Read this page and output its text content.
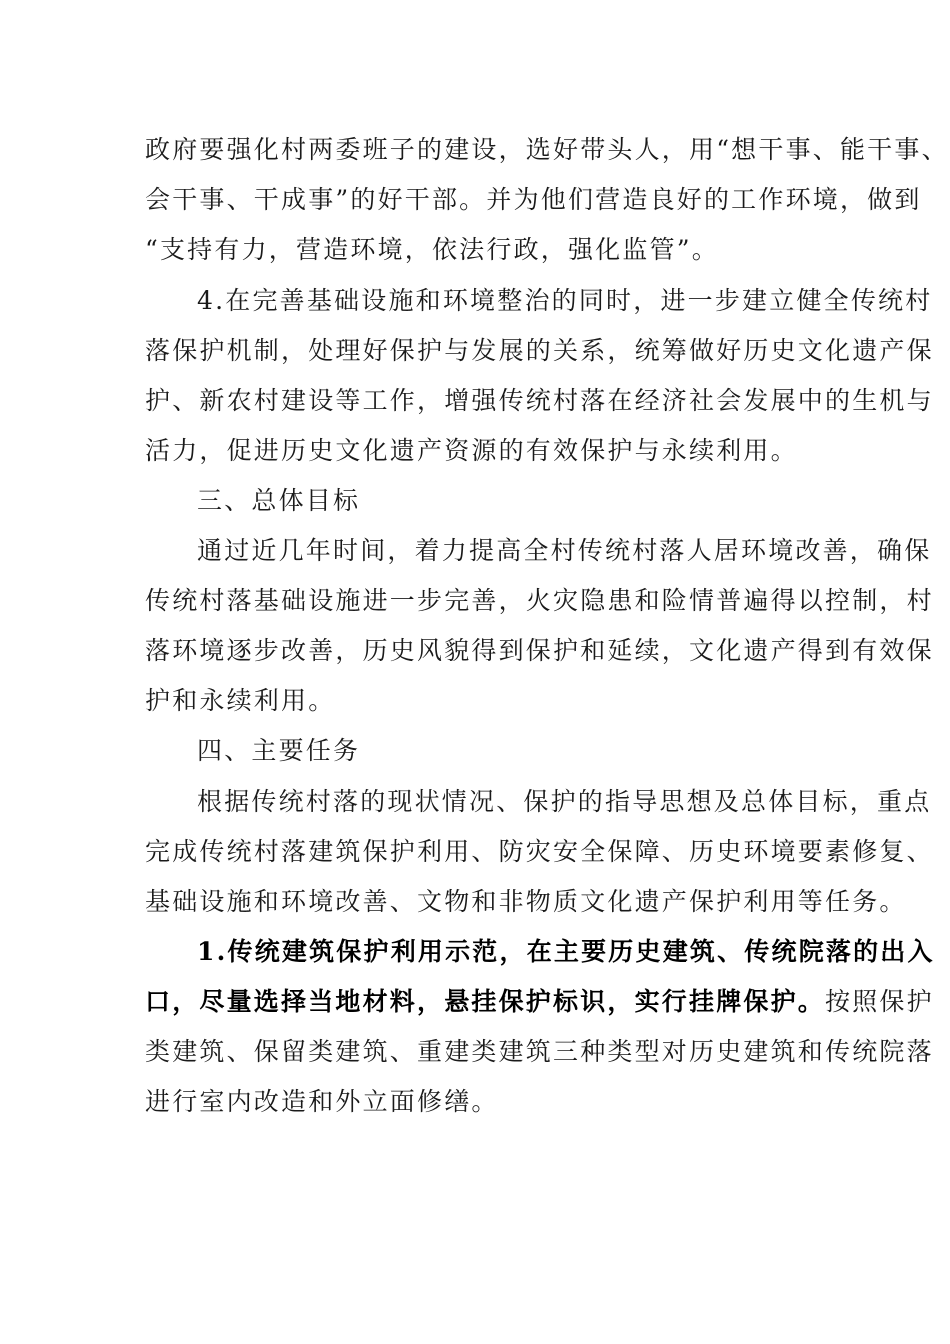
政府要强化村两委班子的建设，选好带头人，用“想干事、能干事、
会干事、干成事”的好干部。并为他们营造良好的工作环境，做到
“支持有力，营造环境，依法行政，强化监管”。
4.在完善基础设施和环境整治的同时，进一步建立健全传统村
落保护机制，处理好保护与发展的关系，统筹做好历史文化遗产保
护、新农村建设等工作，增强传统村落在经济社会发展中的生机与
活力，促进历史文化遗产资源的有效保护与永续利用。
三、总体目标
通过近几年时间，着力提高全村传统村落人居环境改善，确保
传统村落基础设施进一步完善，火灾隐患和险情普遍得以控制，村
落环境逐步改善，历史风貌得到保护和延续，文化遗产得到有效保
护和永续利用。
四、主要任务
根据传统村落的现状情况、保护的指导思想及总体目标，重点
完成传统村落建筑保护利用、防灾安全保障、历史环境要素修复、
基础设施和环境改善、文物和非物质文化遗产保护利用等任务。
1.传统建筑保护利用示范，在主要历史建筑、传统院落的出入
口，尽量选择当地材料，悬挂保护标识，实行挂牌保护。按照保护
类建筑、保留类建筑、重建类建筑三种类型对历史建筑和传统院落
进行室内改造和外立面修缮。
